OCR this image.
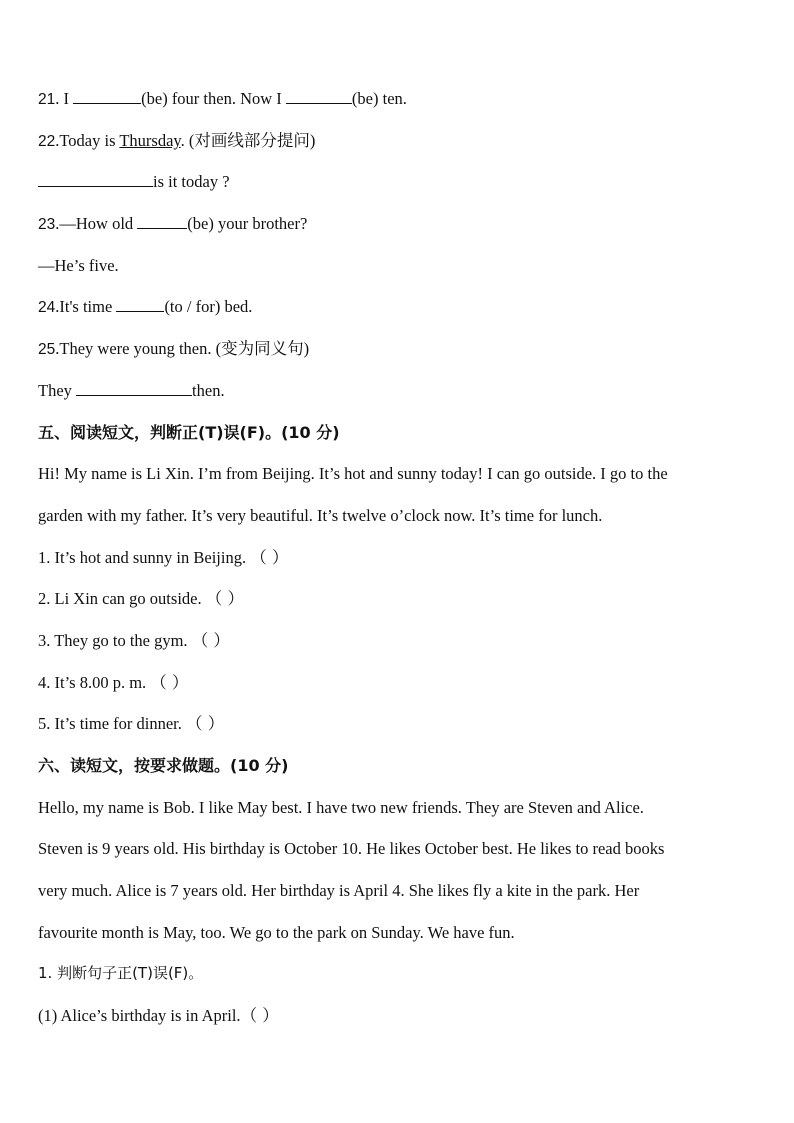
21. I	(be) four then. Now I	(be) ten.
22.Today is Thursday. (对画线部分提问)
is it today ?
23.—How old	(be) your brother?
—He’s five.
24.It's time	(to / for) bed.
25.They were young then. (变为同义句)
They	then.
五、阅读短文，判断正(T)误(F)。(10 分)
Hi! My name is Li Xin. I’m from Beijing. It’s hot and sunny today! I can go outside. I go to the
garden with my father. It’s very beautiful. It’s twelve o’clock now. It’s time for lunch.
1. It’s hot and sunny in Beijing. （ ）
2. Li Xin can go outside. （ ）
3. They go to the gym. （ ）
4. It’s 8.00 p. m. （ ）
5. It’s time for dinner. （ ）
六、读短文，按要求做题。(10 分)
Hello, my name is Bob. I like May best. I have two new friends. They are Steven and Alice.
Steven is 9 years old. His birthday is October 10. He likes October best. He likes to read books
very much. Alice is 7 years old. Her birthday is April 4. She likes fly a kite in the park. Her
favourite month is May, too. We go to the park on Sunday. We have fun.
1. 判断句子正(T)误(F)。
(1) Alice’s birthday is in April.（ ）
